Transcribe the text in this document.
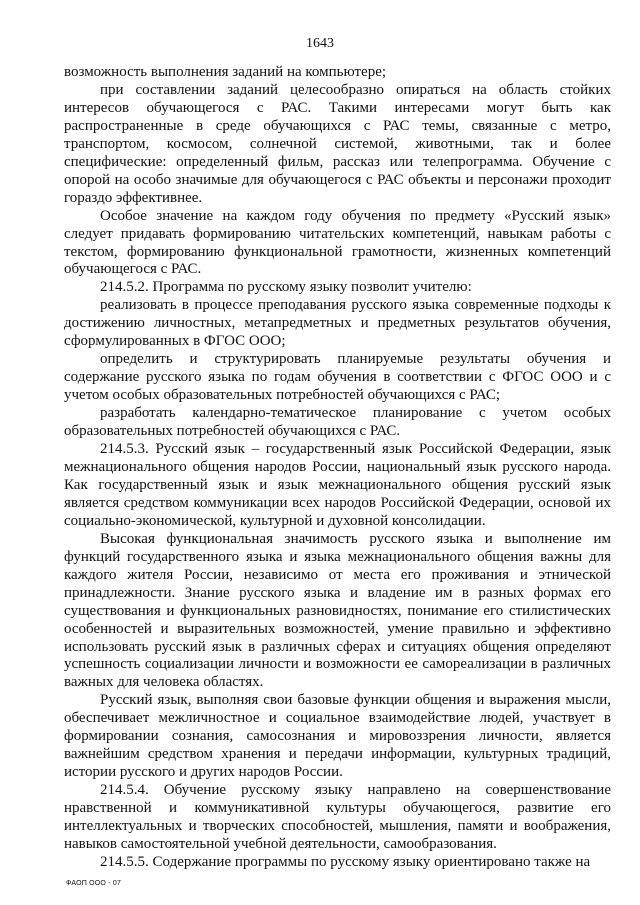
1643

возможность выполнения заданий на компьютере;

при составлении заданий целесообразно опираться на область стойких интересов обучающегося с РАС. Такими интересами могут быть как распространенные в среде обучающихся с РАС темы, связанные с метро, транспортом, космосом, солнечной системой, животными, так и более специфические: определенный фильм, рассказ или телепрограмма. Обучение с опорой на особо значимые для обучающегося с РАС объекты и персонажи проходит гораздо эффективнее.

Особое значение на каждом году обучения по предмету «Русский язык» следует придавать формированию читательских компетенций, навыкам работы с текстом, формированию функциональной грамотности, жизненных компетенций обучающегося с РАС.

214.5.2. Программа по русскому языку позволит учителю:

реализовать в процессе преподавания русского языка современные подходы к достижению личностных, метапредметных и предметных результатов обучения, сформулированных в ФГОС ООО;

определить и структурировать планируемые результаты обучения и содержание русского языка по годам обучения в соответствии с ФГОС ООО и с учетом особых образовательных потребностей обучающихся с РАС;

разработать календарно-тематическое планирование с учетом особых образовательных потребностей обучающихся с РАС.

214.5.3. Русский язык – государственный язык Российской Федерации, язык межнационального общения народов России, национальный язык русского народа. Как государственный язык и язык межнационального общения русский язык является средством коммуникации всех народов Российской Федерации, основой их социально-экономической, культурной и духовной консолидации.

Высокая функциональная значимость русского языка и выполнение им функций государственного языка и языка межнационального общения важны для каждого жителя России, независимо от места его проживания и этнической принадлежности. Знание русского языка и владение им в разных формах его существования и функциональных разновидностях, понимание его стилистических особенностей и выразительных возможностей, умение правильно и эффективно использовать русский язык в различных сферах и ситуациях общения определяют успешность социализации личности и возможности ее самореализации в различных важных для человека областях.

Русский язык, выполняя свои базовые функции общения и выражения мысли, обеспечивает межличностное и социальное взаимодействие людей, участвует в формировании сознания, самосознания и мировоззрения личности, является важнейшим средством хранения и передачи информации, культурных традиций, истории русского и других народов России.

214.5.4. Обучение русскому языку направлено на совершенствование нравственной и коммуникативной культуры обучающегося, развитие его интеллектуальных и творческих способностей, мышления, памяти и воображения, навыков самостоятельной учебной деятельности, самообразования.

214.5.5. Содержание программы по русскому языку ориентировано также на

ФАОП ООО - 07
